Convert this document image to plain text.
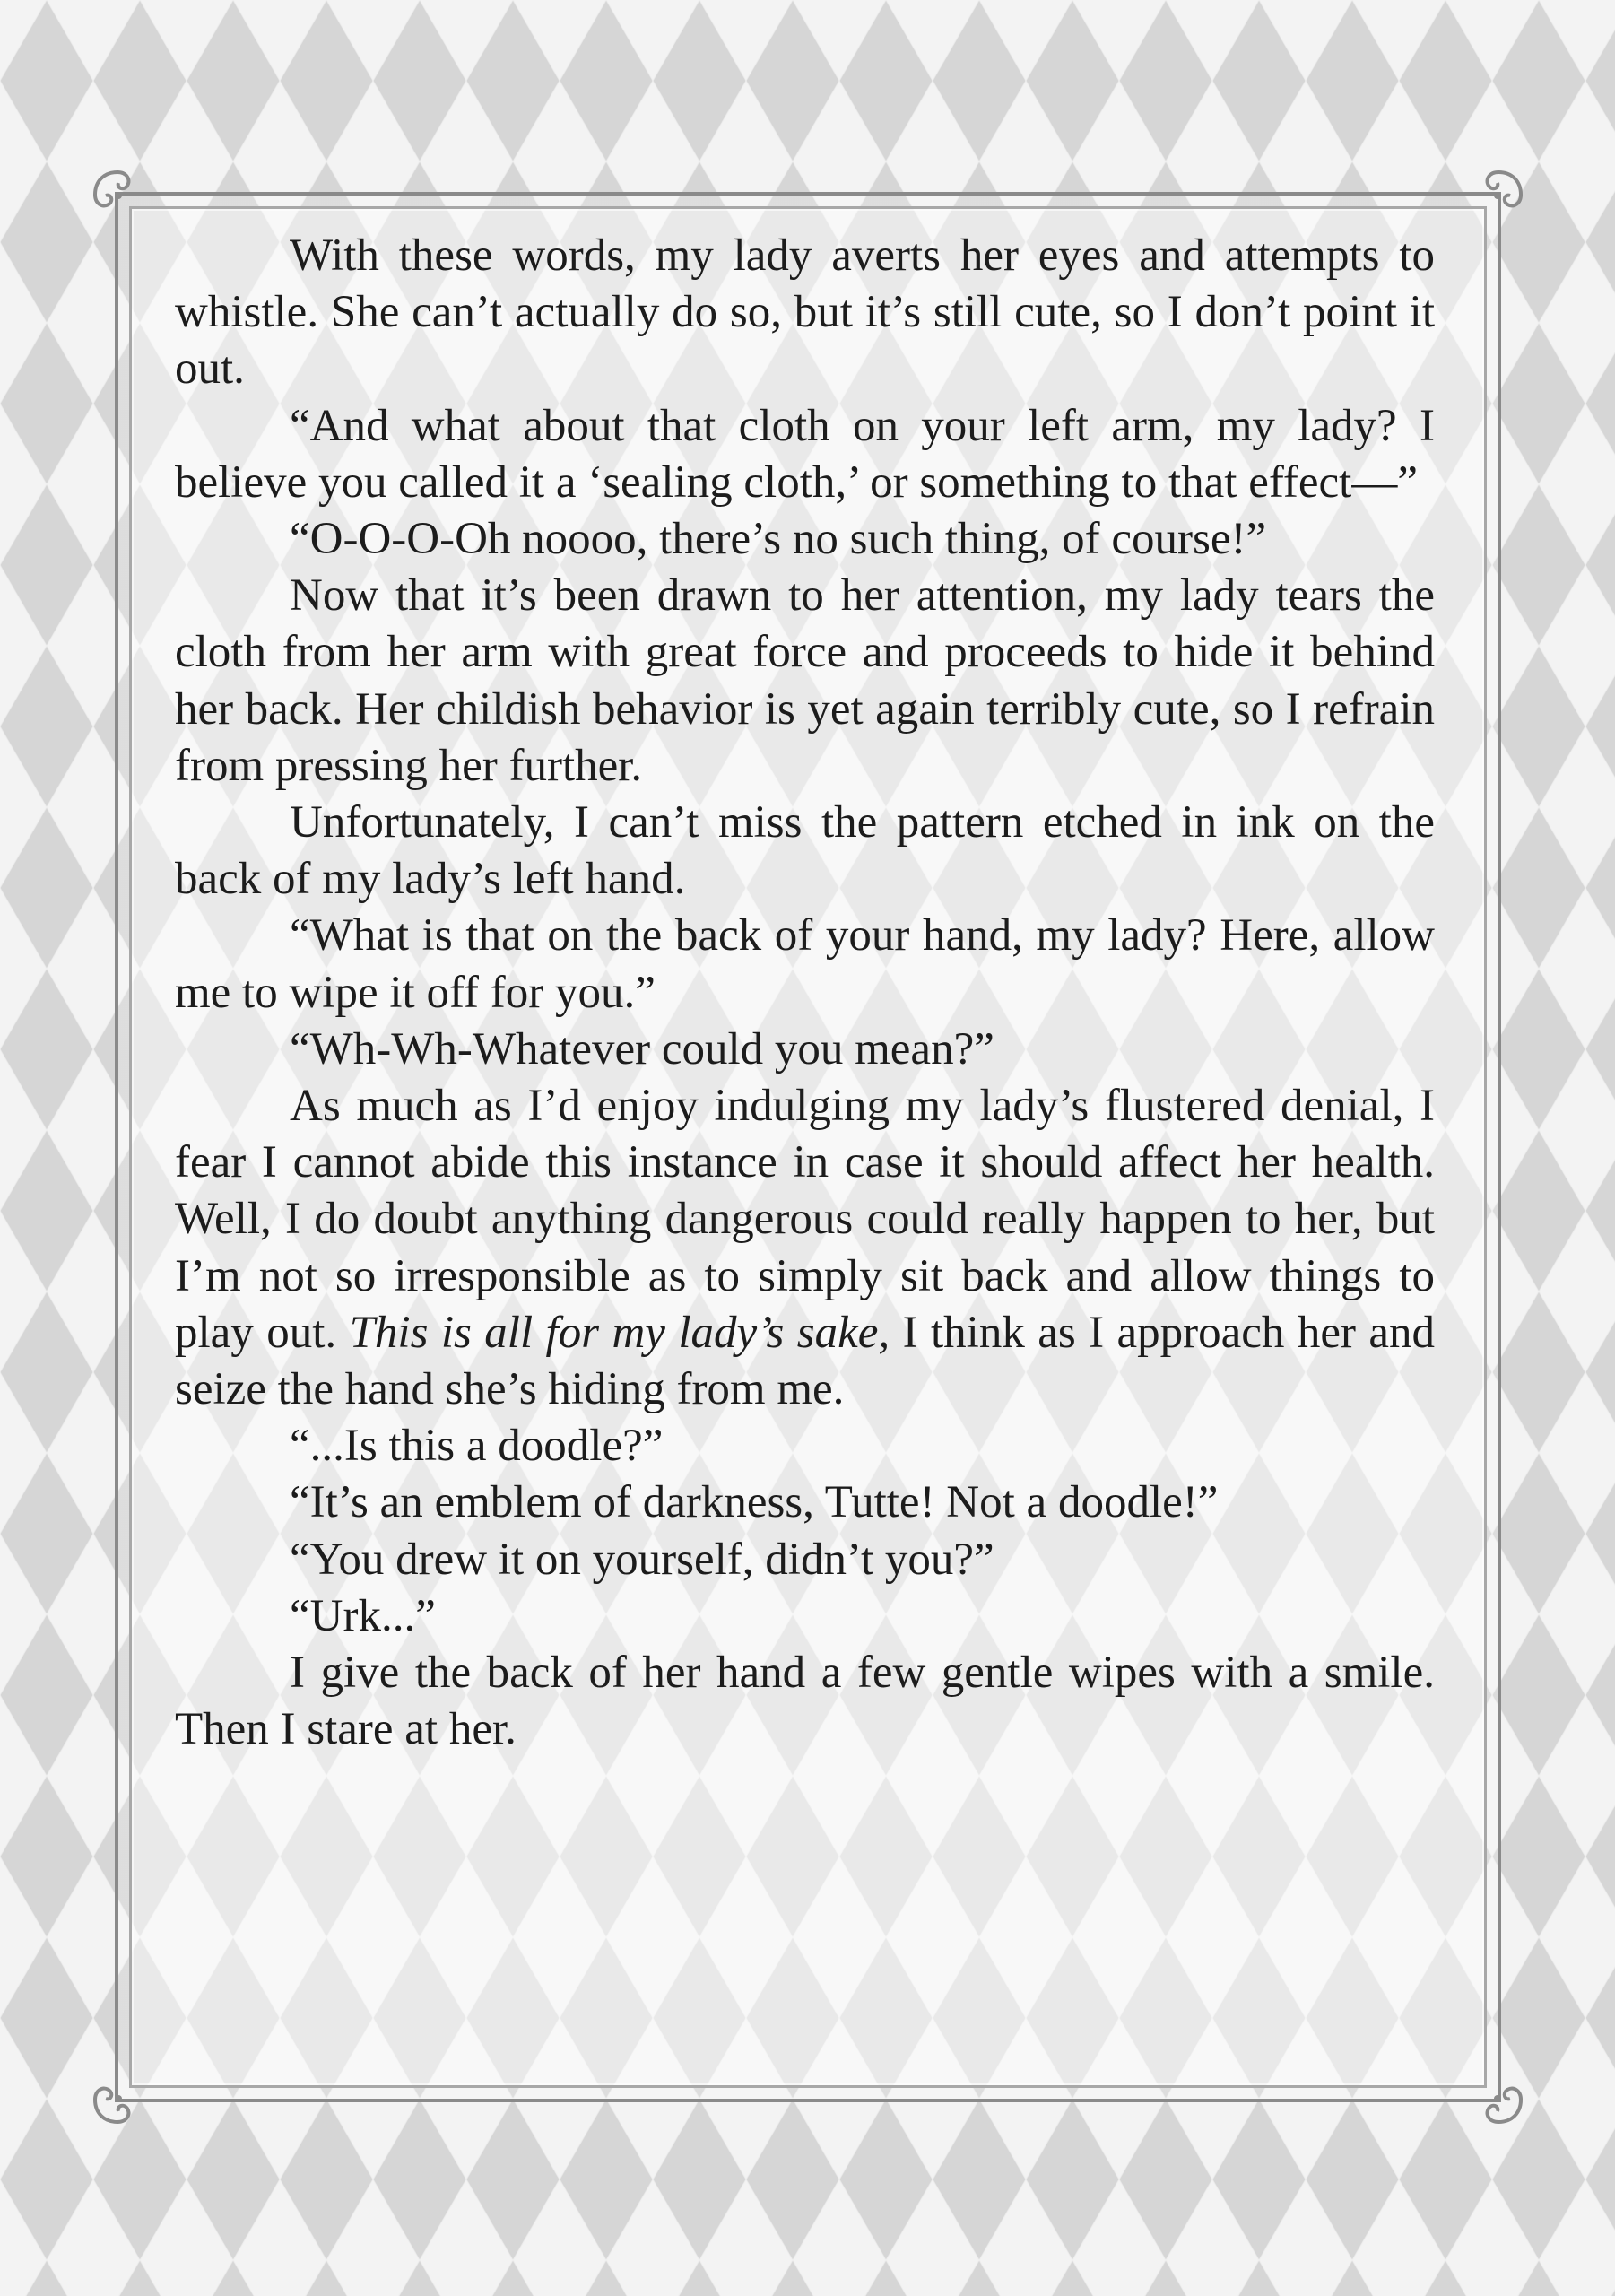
With these words, my lady averts her eyes and attempts to whistle. She can’t actually do so, but it’s still cute, so I don’t point it out.

“And what about that cloth on your left arm, my lady? I believe you called it a ‘sealing cloth,’ or something to that effect—”

“O-O-O-Oh noooo, there’s no such thing, of course!”

Now that it’s been drawn to her attention, my lady tears the cloth from her arm with great force and proceeds to hide it behind her back. Her childish behavior is yet again terribly cute, so I refrain from pressing her further.

Unfortunately, I can’t miss the pattern etched in ink on the back of my lady’s left hand.

“What is that on the back of your hand, my lady? Here, allow me to wipe it off for you.”

“Wh-Wh-Whatever could you mean?”

As much as I’d enjoy indulging my lady’s flustered denial, I fear I cannot abide this instance in case it should affect her health. Well, I do doubt anything dangerous could really happen to her, but I’m not so irresponsible as to simply sit back and allow things to play out. This is all for my lady’s sake, I think as I approach her and seize the hand she’s hiding from me.

“...Is this a doodle?”

“It’s an emblem of darkness, Tutte! Not a doodle!”

“You drew it on yourself, didn’t you?”

“Urk...”

I give the back of her hand a few gentle wipes with a smile. Then I stare at her.
